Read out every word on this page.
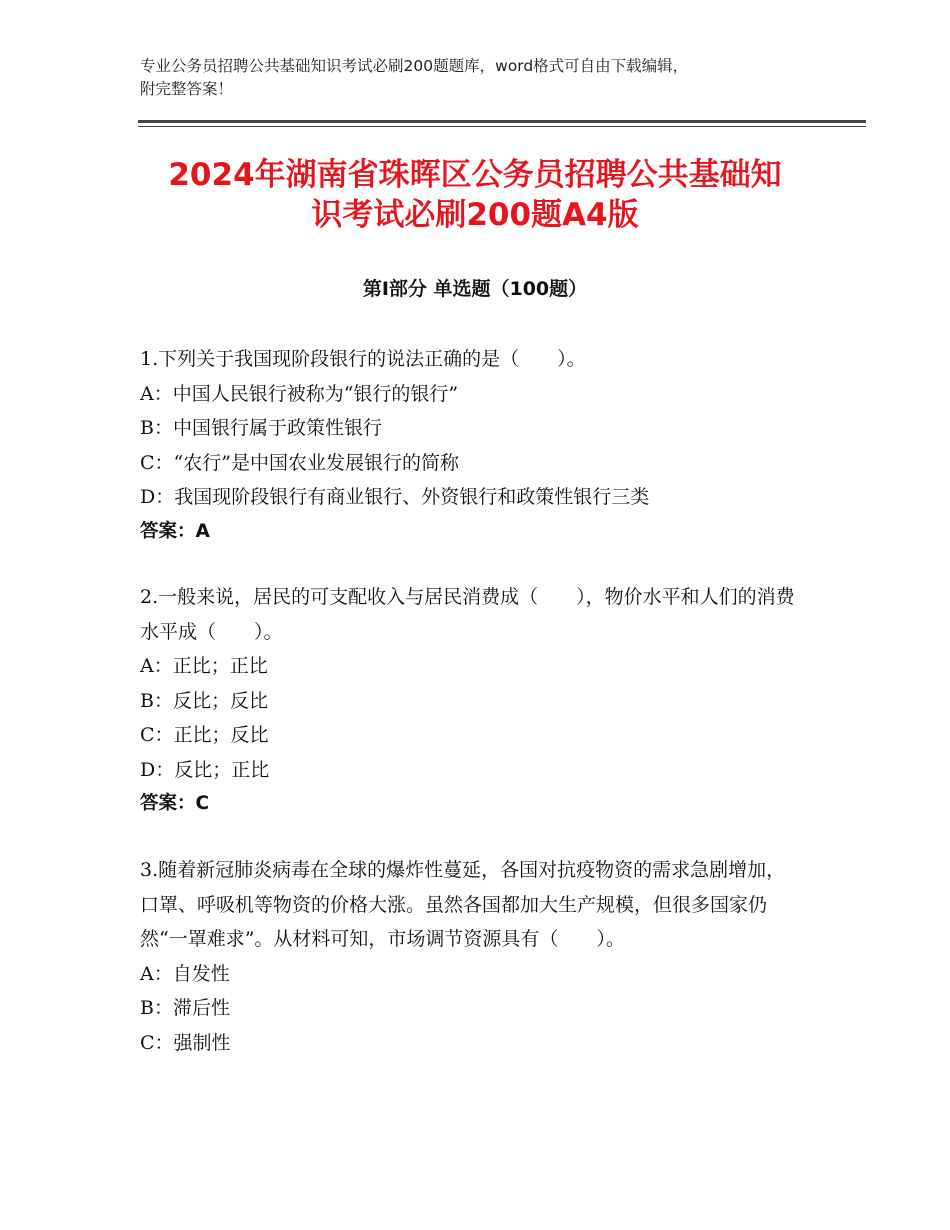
专业公务员招聘公共基础知识考试必刷200题题库，word格式可自由下载编辑，
附完整答案！
2024年湖南省珠晖区公务员招聘公共基础知
识考试必刷200题A4版
第Ⅰ部分 单选题（100题）
1.下列关于我国现阶段银行的说法正确的是（　　）。
A：中国人民银行被称为“银行的银行”
B：中国银行属于政策性银行
C：“农行”是中国农业发展银行的简称
D：我国现阶段银行有商业银行、外资银行和政策性银行三类
答案：A
2.一般来说，居民的可支配收入与居民消费成（　　），物价水平和人们的消费水平成（　　）。
A：正比；正比
B：反比；反比
C：正比；反比
D：反比；正比
答案：C
3.随着新冠肺炎病毒在全球的爆炸性蔓延，各国对抗疫物资的需求急剧增加，口罩、呼吸机等物资的价格大涨。虽然各国都加大生产规模，但很多国家仍然“一罩难求”。从材料可知，市场调节资源具有（　　）。
A：自发性
B：滞后性
C：强制性
